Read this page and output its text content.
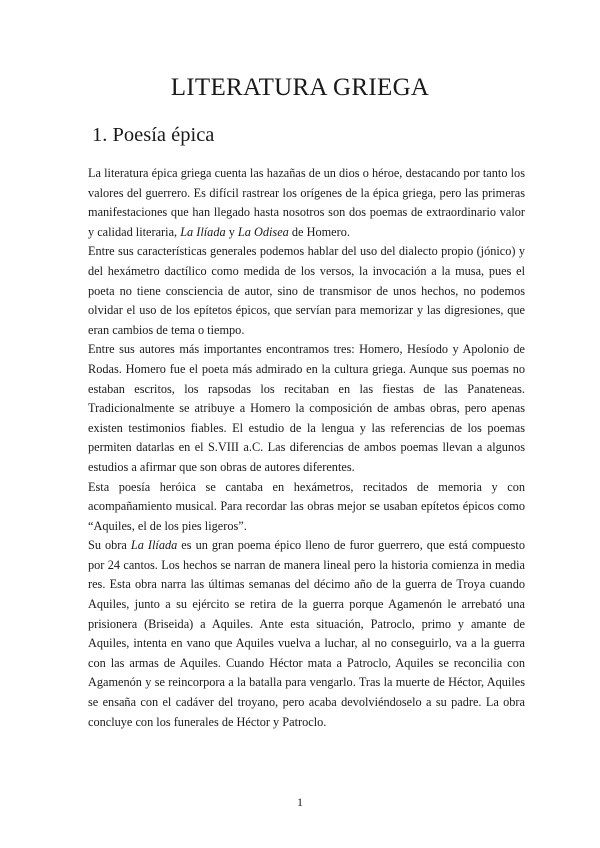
LITERATURA GRIEGA
1. Poesía épica

La literatura épica griega cuenta las hazañas de un dios o héroe, destacando por tanto los valores del guerrero. Es difícil rastrear los orígenes de la épica griega, pero las primeras manifestaciones que han llegado hasta nosotros son dos poemas de extraordinario valor y calidad literaria, La Ilíada y La Odisea de Homero.

Entre sus características generales podemos hablar del uso del dialecto propio (jónico) y del hexámetro dactílico como medida de los versos, la invocación a la musa, pues el poeta no tiene consciencia de autor, sino de transmisor de unos hechos, no podemos olvidar el uso de los epítetos épicos, que servían para memorizar y las digresiones, que eran cambios de tema o tiempo.

Entre sus autores más importantes encontramos tres: Homero, Hesíodo y Apolonio de Rodas. Homero fue el poeta más admirado en la cultura griega. Aunque sus poemas no estaban escritos, los rapsodas los recitaban en las fiestas de las Panateneas. Tradicionalmente se atribuye a Homero la composición de ambas obras, pero apenas existen testimonios fiables. El estudio de la lengua y las referencias de los poemas permiten datarlas en el S.VIII a.C. Las diferencias de ambos poemas llevan a algunos estudios a afirmar que son obras de autores diferentes.

Esta poesía heróica se cantaba en hexámetros, recitados de memoria y con acompañamiento musical. Para recordar las obras mejor se usaban epítetos épicos como “Aquiles, el de los pies ligeros”.

Su obra La Ilíada es un gran poema épico lleno de furor guerrero, que está compuesto por 24 cantos. Los hechos se narran de manera lineal pero la historia comienza in media res. Esta obra narra las últimas semanas del décimo año de la guerra de Troya cuando Aquiles, junto a su ejército se retira de la guerra porque Agamenón le arrebató una prisionera (Briseida) a Aquiles. Ante esta situación, Patroclo, primo y amante de Aquiles, intenta en vano que Aquiles vuelva a luchar, al no conseguirlo, va a la guerra con las armas de Aquiles. Cuando Héctor mata a Patroclo, Aquiles se reconcilia con Agamenón y se reincorpora a la batalla para vengarlo. Tras la muerte de Héctor, Aquiles se ensaña con el cadáver del troyano, pero acaba devolviéndoselo a su padre. La obra concluye con los funerales de Héctor y Patroclo.

1
